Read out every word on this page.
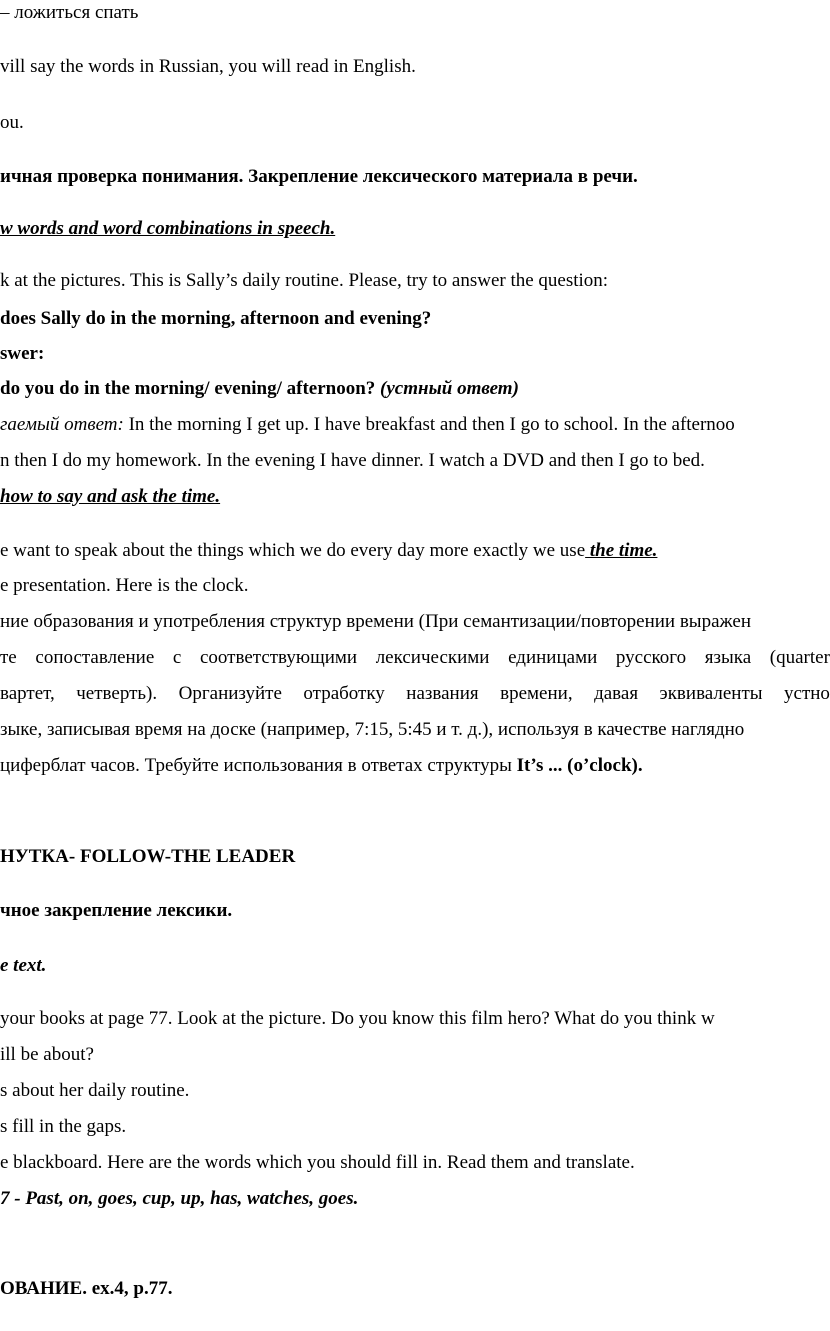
– ложиться спать
vill say the words in Russian, you will read in English.
ou.
ичная проверка понимания. Закрепление лексического материала в речи.
w words and word combinations in speech.
k at the pictures. This is Sally’s daily routine. Please, try to answer the question:
does Sally do in the morning, afternoon and evening?
swer:
do you do in the morning/ evening/ afternoon? (устный ответ)
гаемый ответ: In the morning I get up. I have breakfast and then I go to school. In the afternoo
n then I do my homework. In the evening I have dinner. I watch a DVD and then I go to bed.
how to say and ask the time.
e want to speak about the things which we do every day more exactly we use the time.
e presentation. Here is the clock.
ние образования и употребления структур времени (При семантизации/повторении выражен
те сопоставление с соответствующими лексическими единицами русского языка (quarter
вартет, четверть). Организуйте отработку названия времени, давая эквиваленты устно
зыке, записывая время на доске (например, 7:15, 5:45 и т. д.), используя в качестве наглядно
циферблат часов. Требуйте использования в ответах структуры It’s ... (o’clock).
НУТКА- FOLLOW-THE LEADER
чное закрепление лексики.
e text.
your books at page 77. Look at the picture. Do you know this film hero? What do you think w
ill be about?
s about her daily routine.
s fill in the gaps.
e blackboard. Here are the words which you should fill in. Read them and translate.
7 - Past, on, goes, cup, up, has, watches, goes.
ОВАНИЕ. ex.4, p.77.
